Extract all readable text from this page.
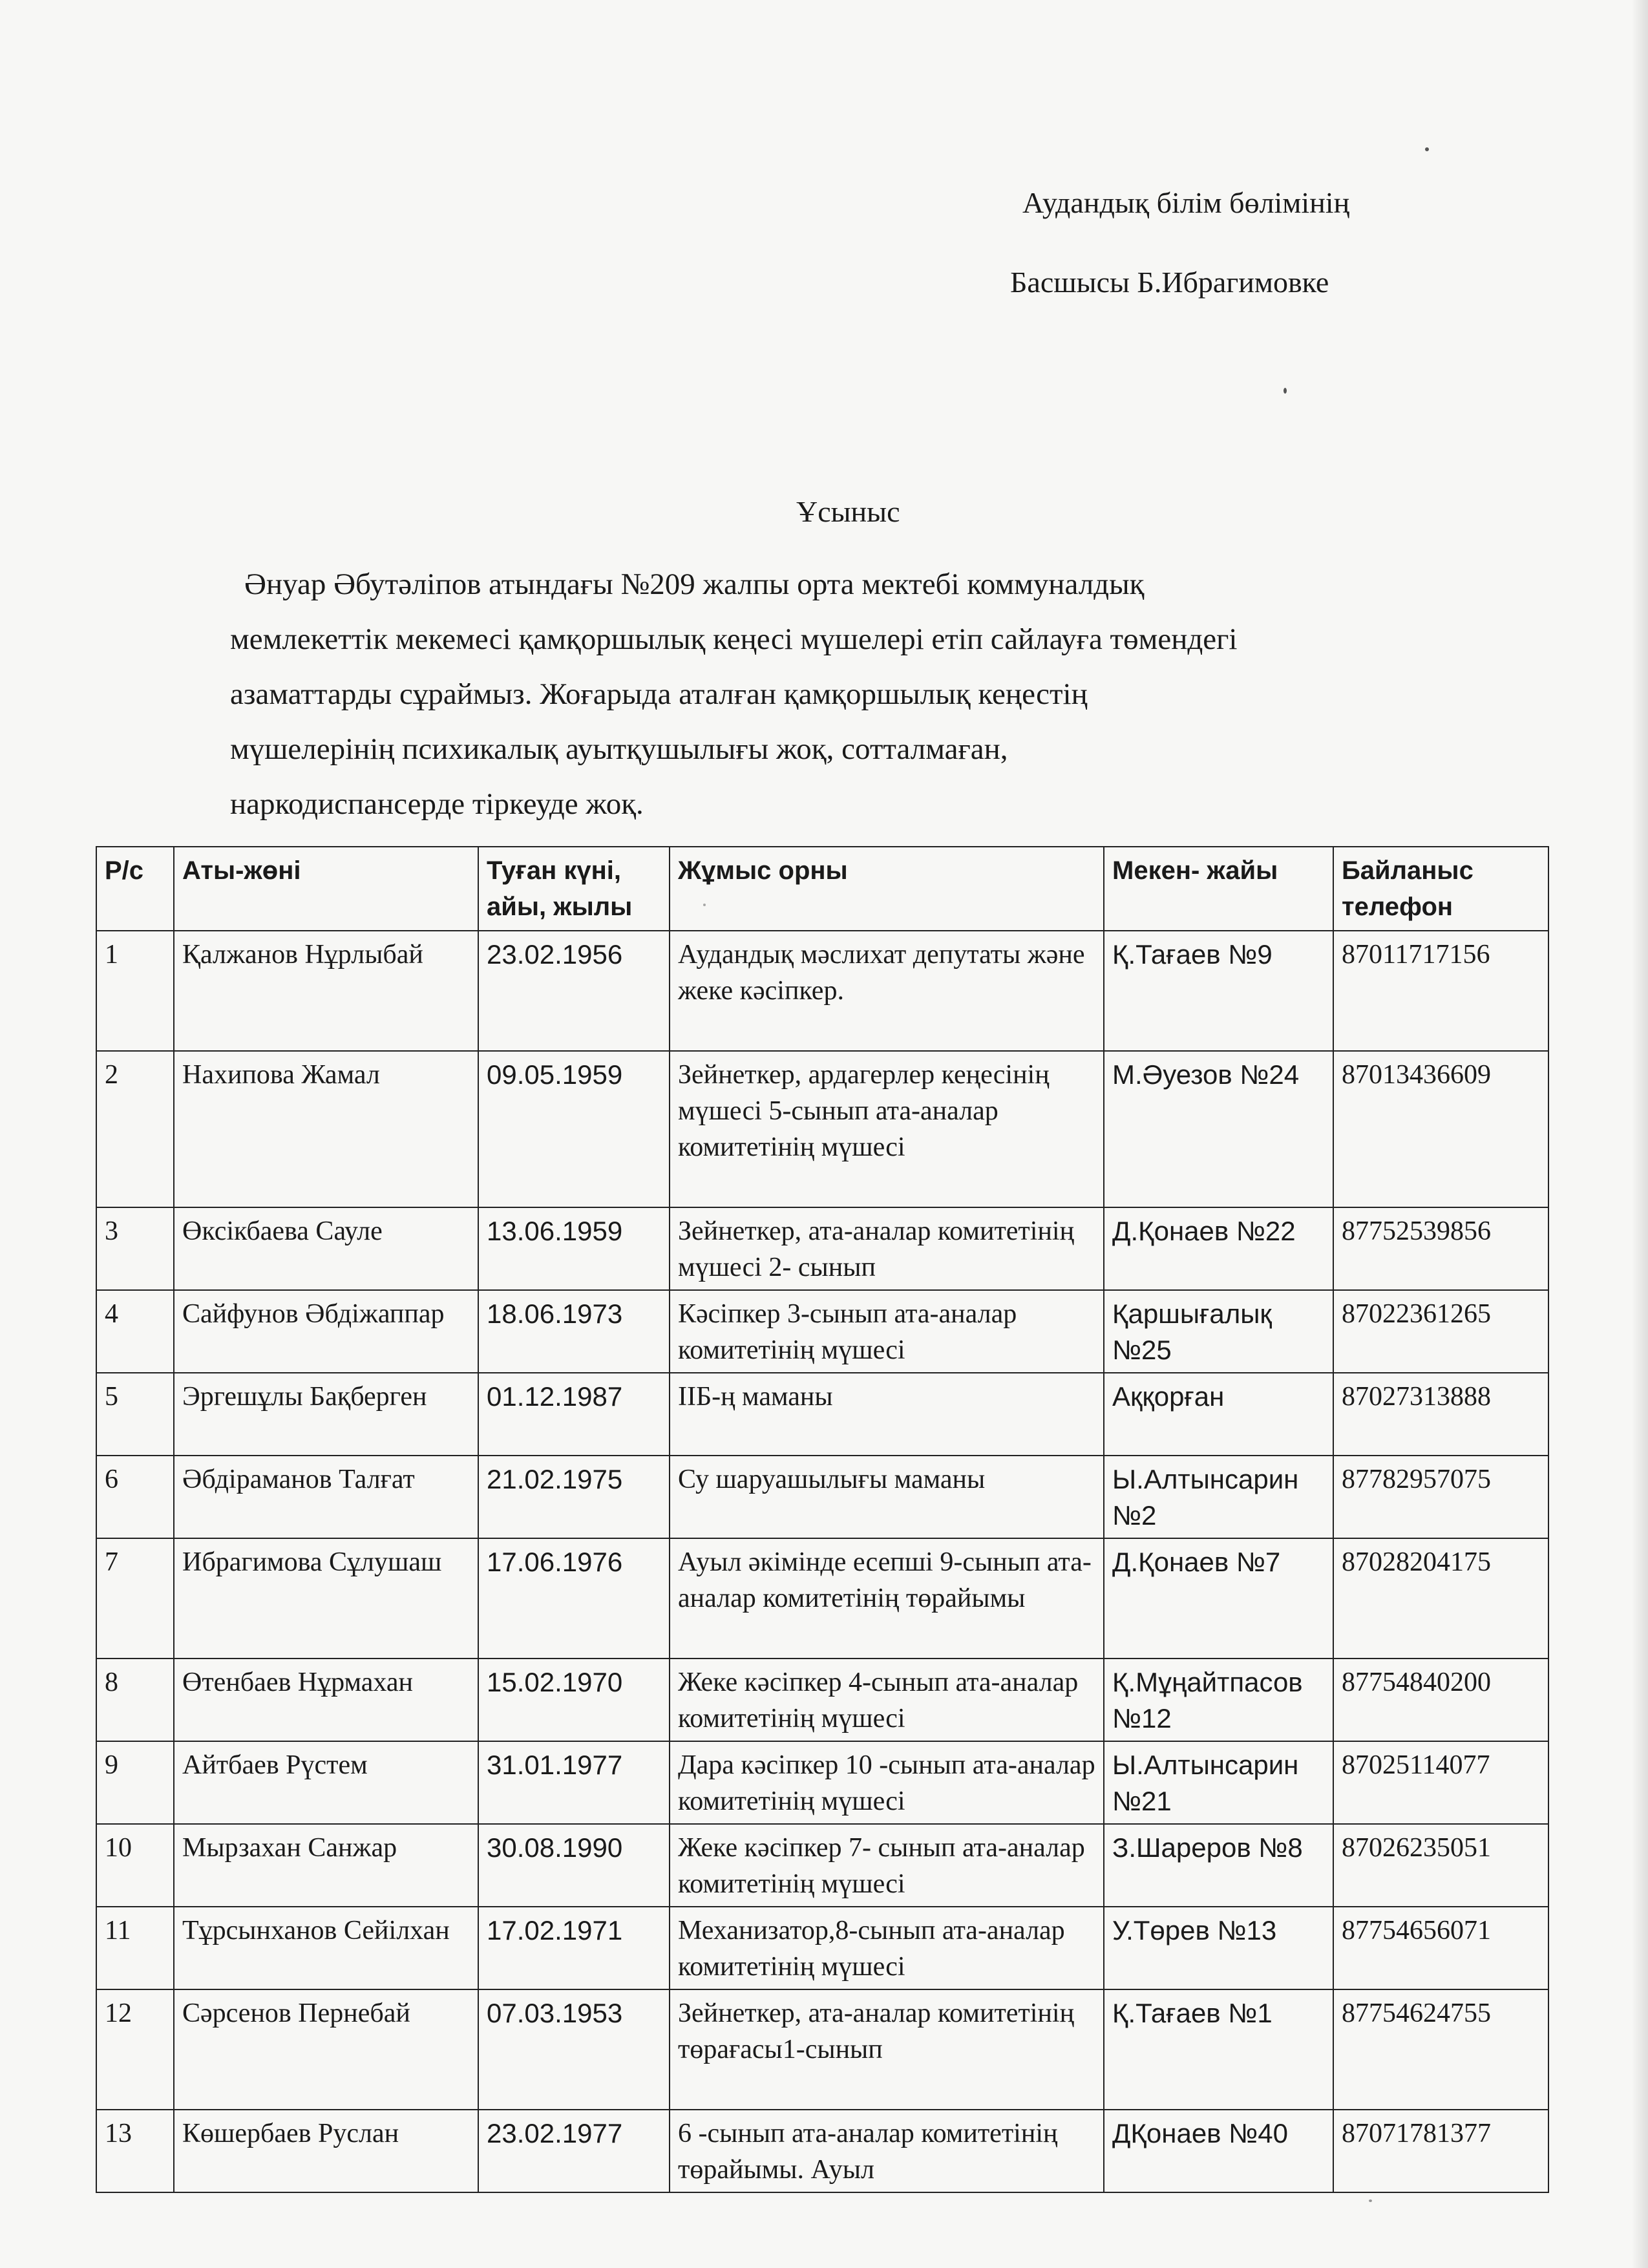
Аудандық білім бөлімінің
Басшысы Б.Ибрагимовке
Ұсыныс
Әнуар Әбутәліпов атындағы №209 жалпы орта мектебі коммуналдық
мемлекеттік мекемесі қамқоршылық кеңесі мүшелері етіп сайлауға төмендегі
азаматтарды сұраймыз. Жоғарыда аталған қамқоршылық кеңестің
мүшелерінің психикалық ауытқушылығы жоқ, сотталмаған,
наркодиспансерде тіркеуде жоқ.
Р/с	Аты-жөні	Туған күні, айы, жылы	Жұмыс орны	Мекен- жайы	Байланыс телефон
1	Қалжанов Нұрлыбай	23.02.1956	Аудандық мәслихат депутаты және жеке кәсіпкер.	Қ.Тағаев №9	87011717156
2	Нахипова Жамал	09.05.1959	Зейнеткер, ардагерлер кеңесінің мүшесі 5-сынып ата-аналар комитетінің мүшесі	М.Әуезов №24	87013436609
3	Өксікбаева Сауле	13.06.1959	Зейнеткер, ата-аналар комитетінің мүшесі 2- сынып	Д.Қонаев №22	87752539856
4	Сайфунов Әбдіжаппар	18.06.1973	Кәсіпкер 3-сынып ата-аналар комитетінің мүшесі	Қаршығалық №25	87022361265
5	Эргешұлы Бақберген	01.12.1987	ІІБ-ң маманы	Аққорған	87027313888
6	Әбдіраманов Талғат	21.02.1975	Су шаруашылығы маманы	Ы.Алтынсарин №2	87782957075
7	Ибрагимова Сұлушаш	17.06.1976	Ауыл әкімінде есепші 9-сынып ата-аналар комитетінің төрайымы	Д.Қонаев №7	87028204175
8	Өтенбаев Нұрмахан	15.02.1970	Жеке кәсіпкер 4-сынып ата-аналар комитетінің мүшесі	Қ.Мұңайтпасов №12	87754840200
9	Айтбаев Рүстем	31.01.1977	Дара кәсіпкер 10 -сынып ата-аналар комитетінің мүшесі	Ы.Алтынсарин №21	87025114077
10	Мырзахан Санжар	30.08.1990	Жеке кәсіпкер 7- сынып ата-аналар комитетінің мүшесі	З.Шареров №8	87026235051
11	Тұрсынханов Сейілхан	17.02.1971	Механизатор,8-сынып ата-аналар комитетінің мүшесі	У.Төрев №13	87754656071
12	Сәрсенов Пернебай	07.03.1953	Зейнеткер, ата-аналар комитетінің төрағасы1-сынып	Қ.Тағаев №1	87754624755
13	Көшербаев Руслан	23.02.1977	6 -сынып ата-аналар комитетінің төрайымы. Ауыл	ДҚонаев №40	87071781377
